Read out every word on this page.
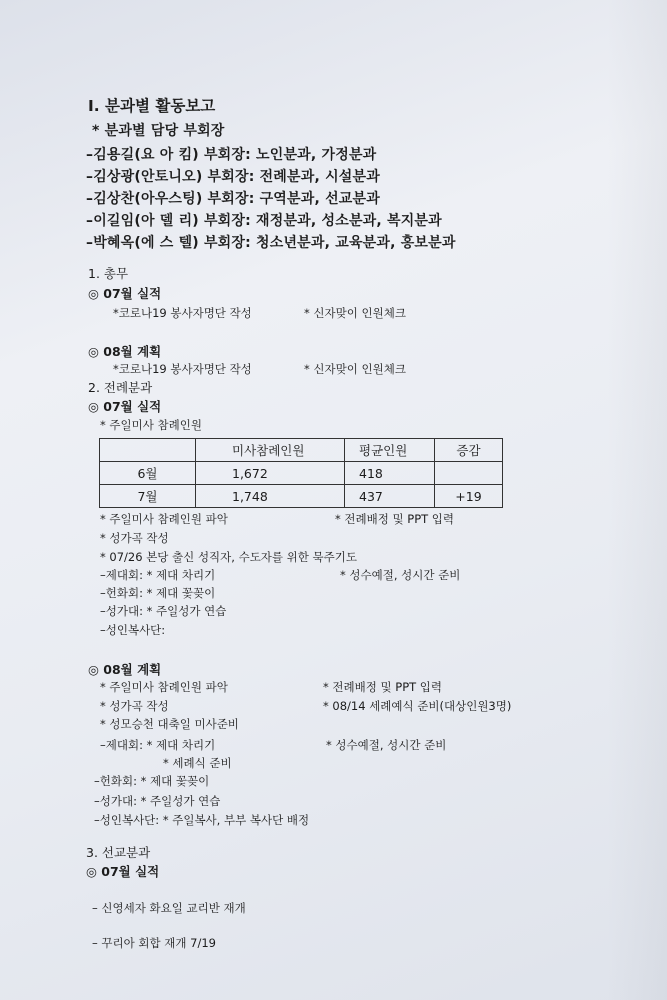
Ⅰ. 분과별 활동보고
* 분과별 담당 부회장
–김용길(요 아 킴) 부회장: 노인분과, 가정분과
–김상광(안토니오) 부회장: 전례분과, 시설분과
–김상찬(아우스팅) 부회장: 구역분과, 선교분과
–이길임(아 델 리) 부회장: 재정분과, 성소분과, 복지분과
–박혜옥(에 스 텔) 부회장: 청소년분과, 교육분과, 홍보분과
1. 총무
◎ 07월 실적
*코로나19 봉사자명단 작성	* 신자맞이 인원체크
◎ 08월 계획
*코로나19 봉사자명단 작성	* 신자맞이 인원체크
2. 전례분과
◎ 07월 실적
* 주일미사 참례인원
	미사참례인원	평균인원	증감
6월	1,672	418	
7월	1,748	437	+19
* 주일미사 참례인원 파악	* 전례배정 및 PPT 입력
* 성가곡 작성
* 07/26 본당 출신 성직자, 수도자를 위한 묵주기도
–제대회: * 제대 차리기	* 성수예절, 성시간 준비
–헌화회: * 제대 꽃꽂이
–성가대: * 주일성가 연습
–성인복사단:
◎ 08월 계획
* 주일미사 참례인원 파악	* 전례배정 및 PPT 입력
* 성가곡 작성	* 08/14 세례예식 준비(대상인원3명)
* 성모승천 대축일 미사준비
–제대회: * 제대 차리기	* 성수예절, 성시간 준비
* 세례식 준비
–헌화회: * 제대 꽃꽂이
–성가대: * 주일성가 연습
–성인복사단: * 주일복사, 부부 복사단 배정
3. 선교분과
◎ 07월 실적
– 신영세자 화요일 교리반 재개
– 꾸리아 회합 재개 7/19
